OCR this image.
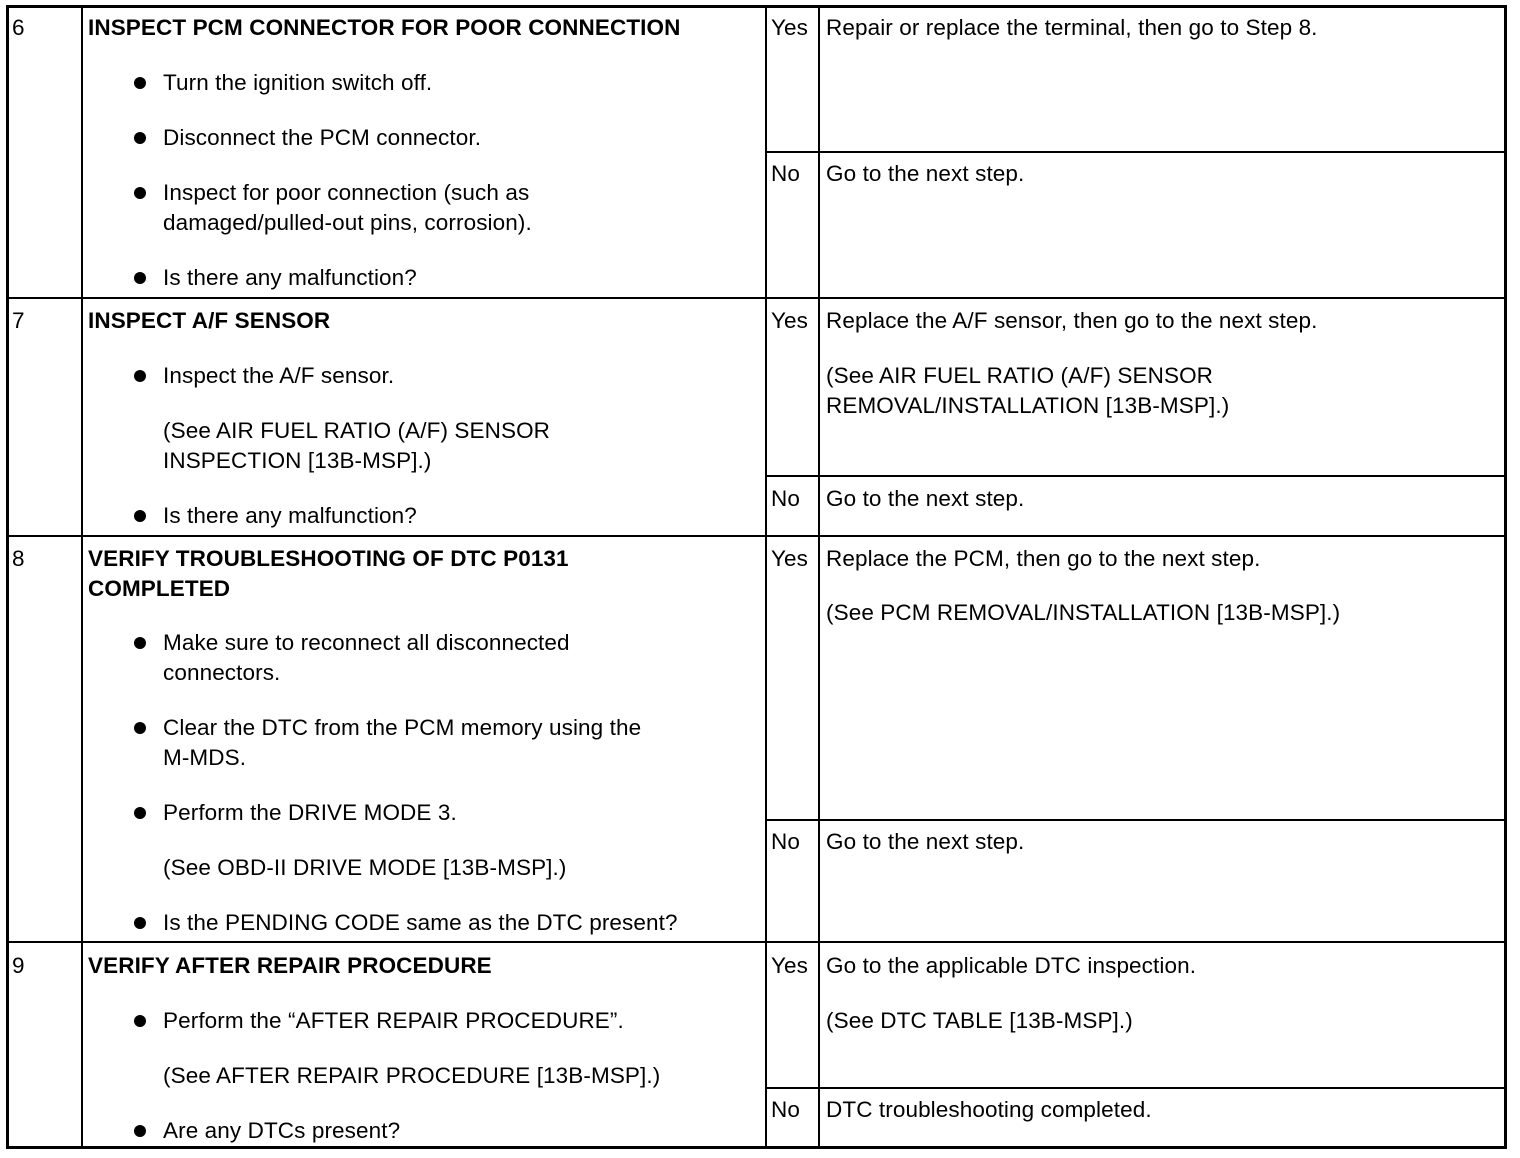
6	INSPECT PCM CONNECTOR FOR POOR CONNECTION
Turn the ignition switch off.
Disconnect the PCM connector.
Inspect for poor connection (such as
damaged/pulled-out pins, corrosion).
Is there any malfunction?
Yes Repair or replace the terminal, then go to Step 8.
No Go to the next step.
7	INSPECT A/F SENSOR
Inspect the A/F sensor.
(See AIR FUEL RATIO (A/F) SENSOR
INSPECTION [13B-MSP].)
Is there any malfunction?
Yes Replace the A/F sensor, then go to the next step.
(See AIR FUEL RATIO (A/F) SENSOR
REMOVAL/INSTALLATION [13B-MSP].)
No Go to the next step.
8	VERIFY TROUBLESHOOTING OF DTC P0131
COMPLETED
Make sure to reconnect all disconnected
connectors.
Clear the DTC from the PCM memory using the
M-MDS.
Perform the DRIVE MODE 3.
(See OBD-II DRIVE MODE [13B-MSP].)
Is the PENDING CODE same as the DTC present?
Yes Replace the PCM, then go to the next step.
(See PCM REMOVAL/INSTALLATION [13B-MSP].)
No Go to the next step.
9	VERIFY AFTER REPAIR PROCEDURE
Perform the “AFTER REPAIR PROCEDURE”.
(See AFTER REPAIR PROCEDURE [13B-MSP].)
Are any DTCs present?
Yes Go to the applicable DTC inspection.
(See DTC TABLE [13B-MSP].)
No DTC troubleshooting completed.
